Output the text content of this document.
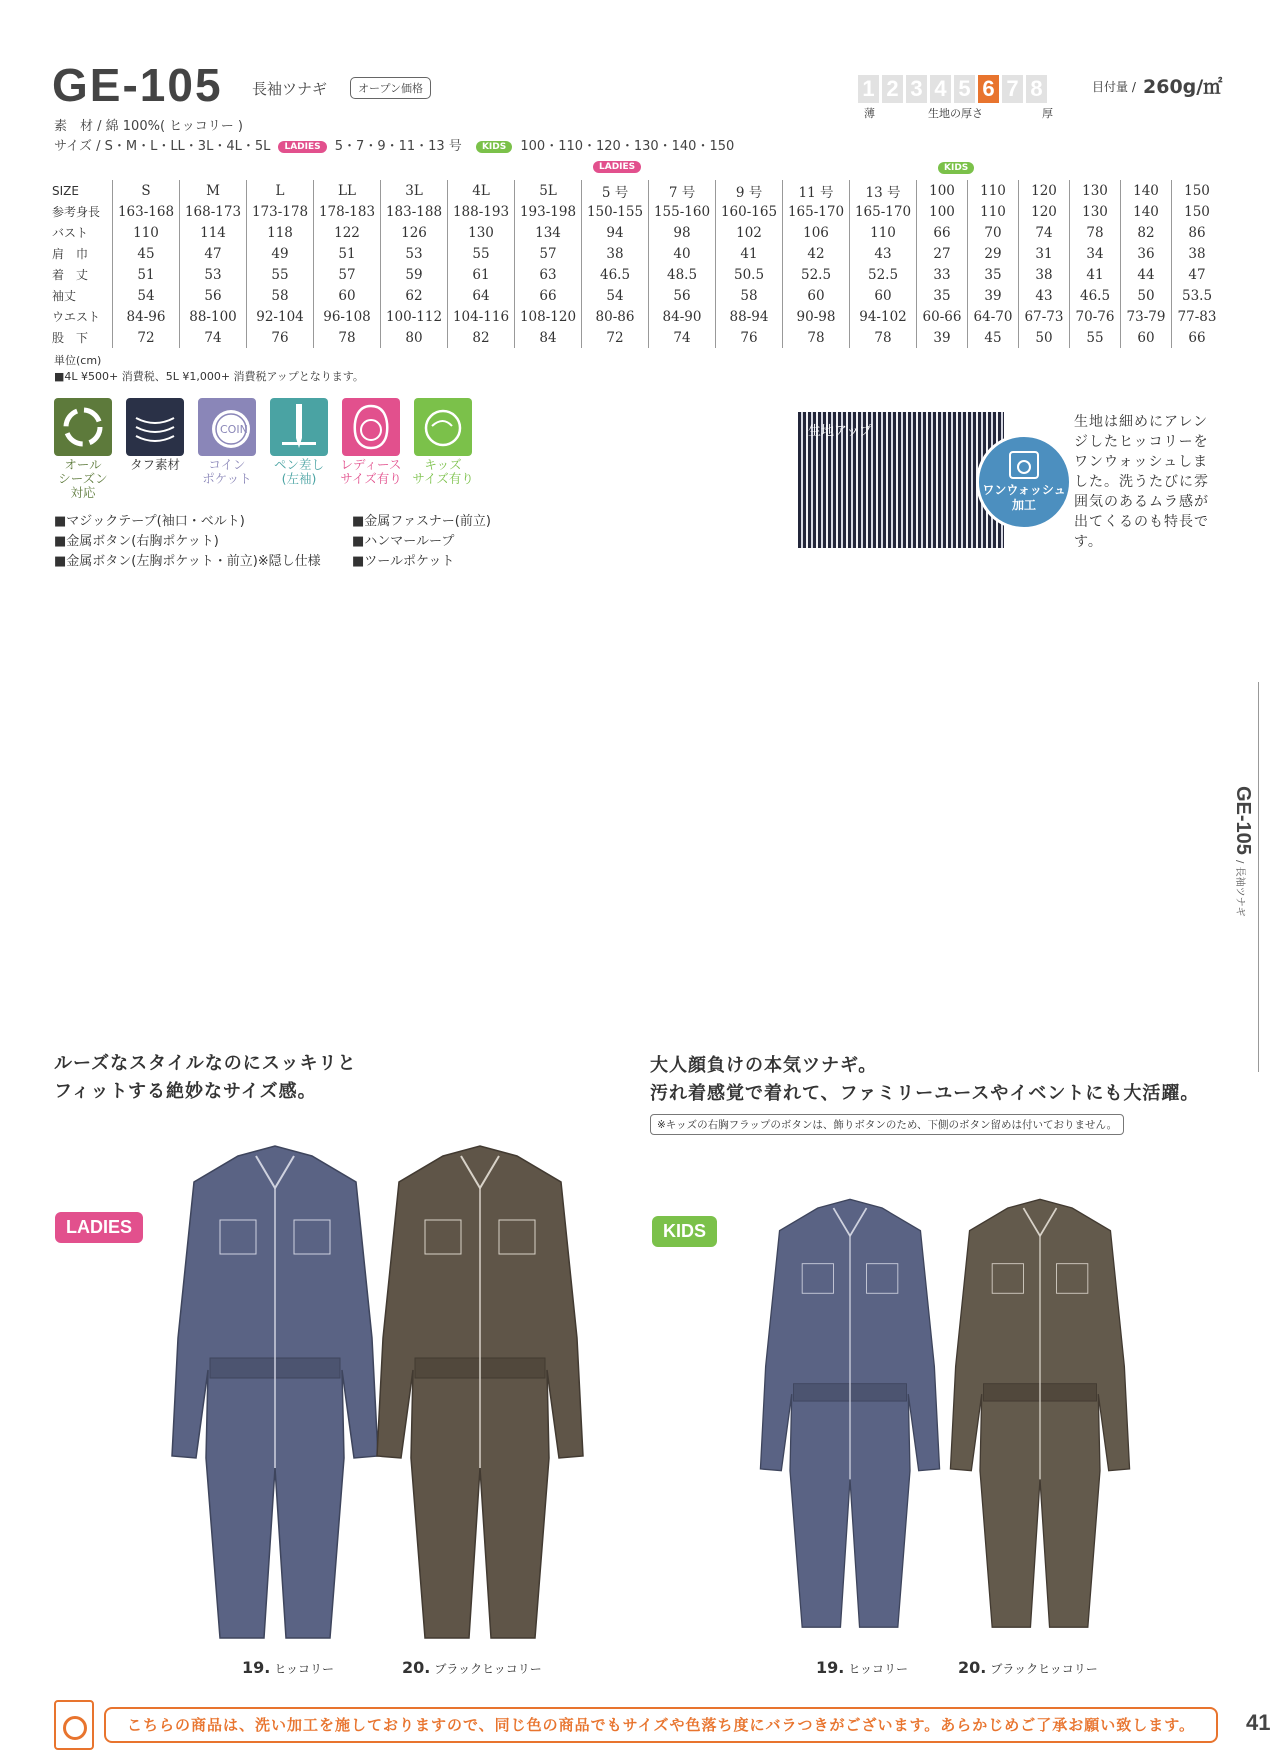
GE-105 長袖ツナギ	オープン価格
素　材 / 綿 100%( ヒッコリー )
サイズ / S・M・L・LL・3L・4L・5L LADIES 5・7・9・11・13 号 KIDS 100・110・120・130・140・150
1 2 3 4 5 6 7 8
薄	生地の厚さ	厚
目付量 / 260g/㎡
LADIES	KIDS
SIZE	S	M	L	LL	3L	4L	5L	5 号	7 号	9 号	11 号	13 号	100	110	120	130	140	150
参考身長	163-168	168-173	173-178	178-183	183-188	188-193	193-198	150-155	155-160	160-165	165-170	165-170	100	110	120	130	140	150
バスト	110	114	118	122	126	130	134	94	98	102	106	110	66	70	74	78	82	86
肩　巾	45	47	49	51	53	55	57	38	40	41	42	43	27	29	31	34	36	38
着　丈	51	53	55	57	59	61	63	46.5	48.5	50.5	52.5	52.5	33	35	38	41	44	47
袖丈	54	56	58	60	62	64	66	54	56	58	60	60	35	39	43	46.5	50	53.5
ウエスト	84-96	88-100	92-104	96-108	100-112	104-116	108-120	80-86	84-90	88-94	90-98	94-102	60-66	64-70	67-73	70-76	73-79	77-83
股　下	72	74	76	78	80	82	84	72	74	76	78	78	39	45	50	55	60	66
単位(cm)
■4L ¥500+ 消費税、5L ¥1,000+ 消費税アップとなります。
オール
シーズン
対応
タフ素材
COIN
コイン
ポケット
ペン差し
(左袖)
レディース
サイズ有り
キッズ
サイズ有り
■マジックテープ(袖口・ベルト)
■金属ボタン(右胸ポケット)
■金属ボタン(左胸ポケット・前立)※隠し仕様
■金属ファスナー(前立)
■ハンマーループ
■ツールポケット
生地アップ
ワンウォッシュ
加工
生地は細めにアレンジしたヒッコリーをワンウォッシュしました。洗うたびに雰囲気のあるムラ感が出てくるのも特長です。
GE-105 / 長袖ツナギ
ルーズなスタイルなのにスッキリと
フィットする絶妙なサイズ感。
LADIES
19. ヒッコリー	20. ブラックヒッコリー
大人顔負けの本気ツナギ。
汚れ着感覚で着れて、ファミリーユースやイベントにも大活躍。
※キッズの右胸フラップのボタンは、飾りボタンのため、下側のボタン留めは付いておりません。
KIDS
19. ヒッコリー	20. ブラックヒッコリー
こちらの商品は、洗い加工を施しておりますので、同じ色の商品でもサイズや色落ち度にバラつきがございます。あらかじめご了承お願い致します。	41
